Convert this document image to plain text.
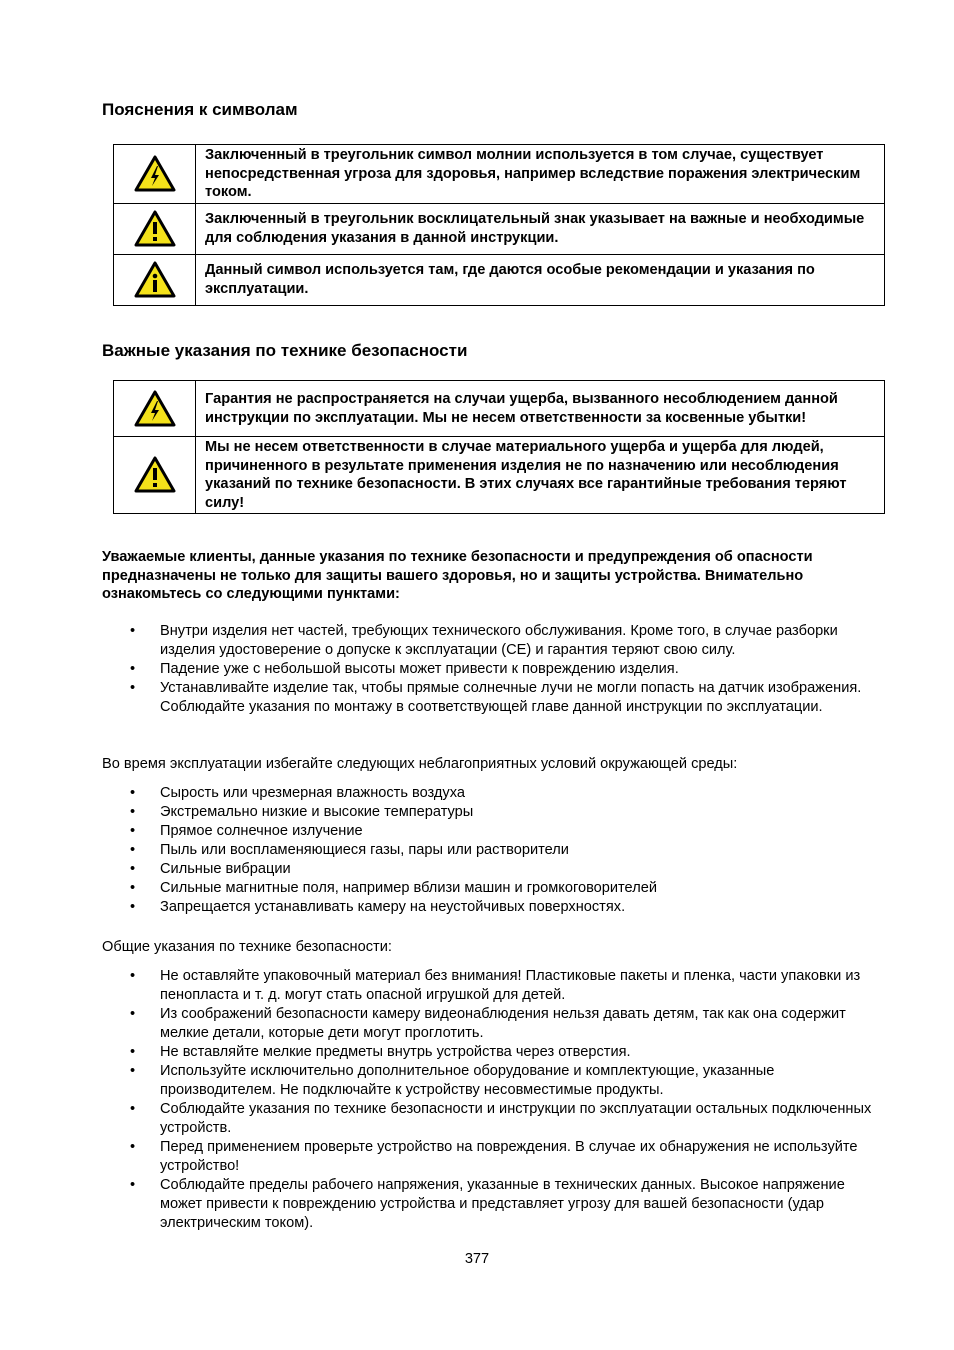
Пояснения к символам
	Заключенный в треугольник символ молнии используется в том случае, существует непосредственная угроза для здоровья, например вследствие поражения электрическим током.

	Заключенный в треугольник восклицательный знак указывает на важные и необходимые для соблюдения указания в данной инструкции.

	Данный символ используется там, где даются особые рекомендации и указания по эксплуатации.
Важные указания по технике безопасности
	Гарантия не распространяется на случаи ущерба, вызванного несоблюдением данной инструкции по эксплуатации. Мы не несем ответственности за косвенные убытки!

	Мы не несем ответственности в случае материального ущерба и ущерба для людей, причиненного в результате применения изделия не по назначению или несоблюдения указаний по технике безопасности. В этих случаях все гарантийные требования теряют силу!

Уважаемые клиенты, данные указания по технике безопасности и предупреждения об опасности предназначены не только для защиты вашего здоровья, но и защиты устройства. Внимательно ознакомьтесь со следующими пунктами:

• Внутри изделия нет частей, требующих технического обслуживания. Кроме того, в случае разборки изделия удостоверение о допуске к эксплуатации (CE) и гарантия теряют свою силу.
• Падение уже с небольшой высоты может привести к повреждению изделия.
• Устанавливайте изделие так, чтобы прямые солнечные лучи не могли попасть на датчик изображения. Соблюдайте указания по монтажу в соответствующей главе данной инструкции по эксплуатации.

Во время эксплуатации избегайте следующих неблагоприятных условий окружающей среды:

• Сырость или чрезмерная влажность воздуха
• Экстремально низкие и высокие температуры
• Прямое солнечное излучение
• Пыль или воспламеняющиеся газы, пары или растворители
• Сильные вибрации
• Сильные магнитные поля, например вблизи машин и громкоговорителей
• Запрещается устанавливать камеру на неустойчивых поверхностях.

Общие указания по технике безопасности:

• Не оставляйте упаковочный материал без внимания! Пластиковые пакеты и пленка, части упаковки из пенопласта и т. д. могут стать опасной игрушкой для детей.
• Из соображений безопасности камеру видеонаблюдения нельзя давать детям, так как она содержит мелкие детали, которые дети могут проглотить.
• Не вставляйте мелкие предметы внутрь устройства через отверстия.
• Используйте исключительно дополнительное оборудование и комплектующие, указанные производителем. Не подключайте к устройству несовместимые продукты.
• Соблюдайте указания по технике безопасности и инструкции по эксплуатации остальных подключенных устройств.
• Перед применением проверьте устройство на повреждения. В случае их обнаружения не используйте устройство!
• Соблюдайте пределы рабочего напряжения, указанные в технических данных. Высокое напряжение может привести к повреждению устройства и представляет угрозу для вашей безопасности (удар электрическим током).
377
